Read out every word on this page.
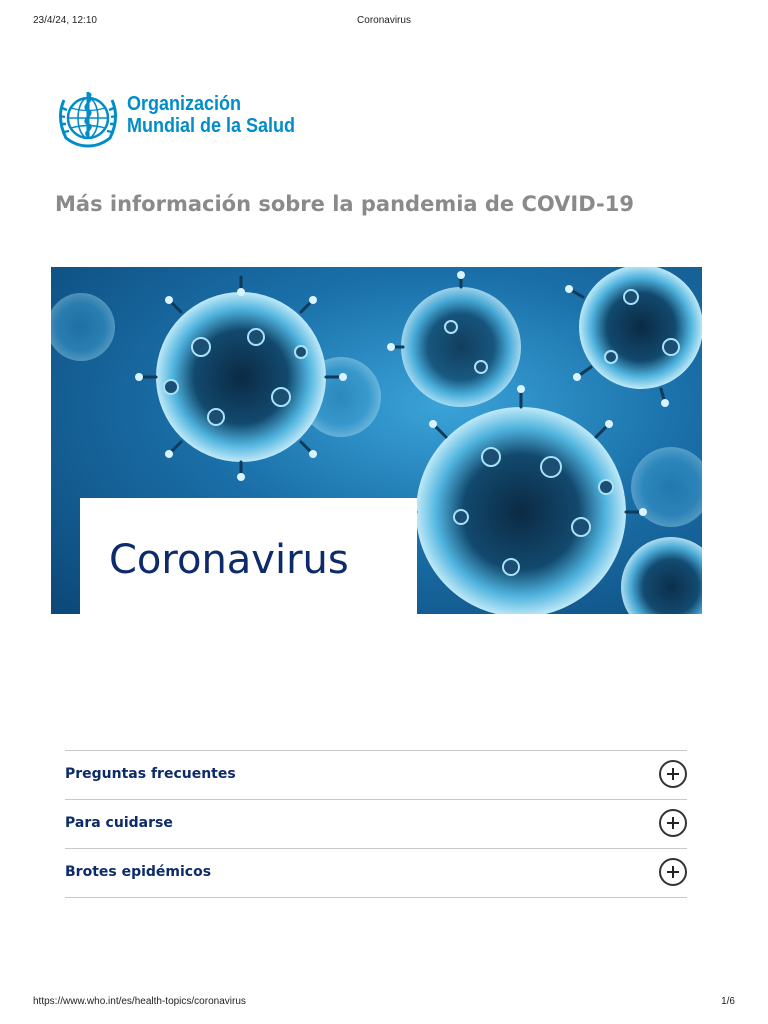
23/4/24, 12:10	Coronavirus
Organización
Mundial de la Salud
Más información sobre la pandemia de COVID-19
Coronavirus
Preguntas frecuentes
Para cuidarse
Brotes epidémicos
https://www.who.int/es/health-topics/coronavirus	1/6
